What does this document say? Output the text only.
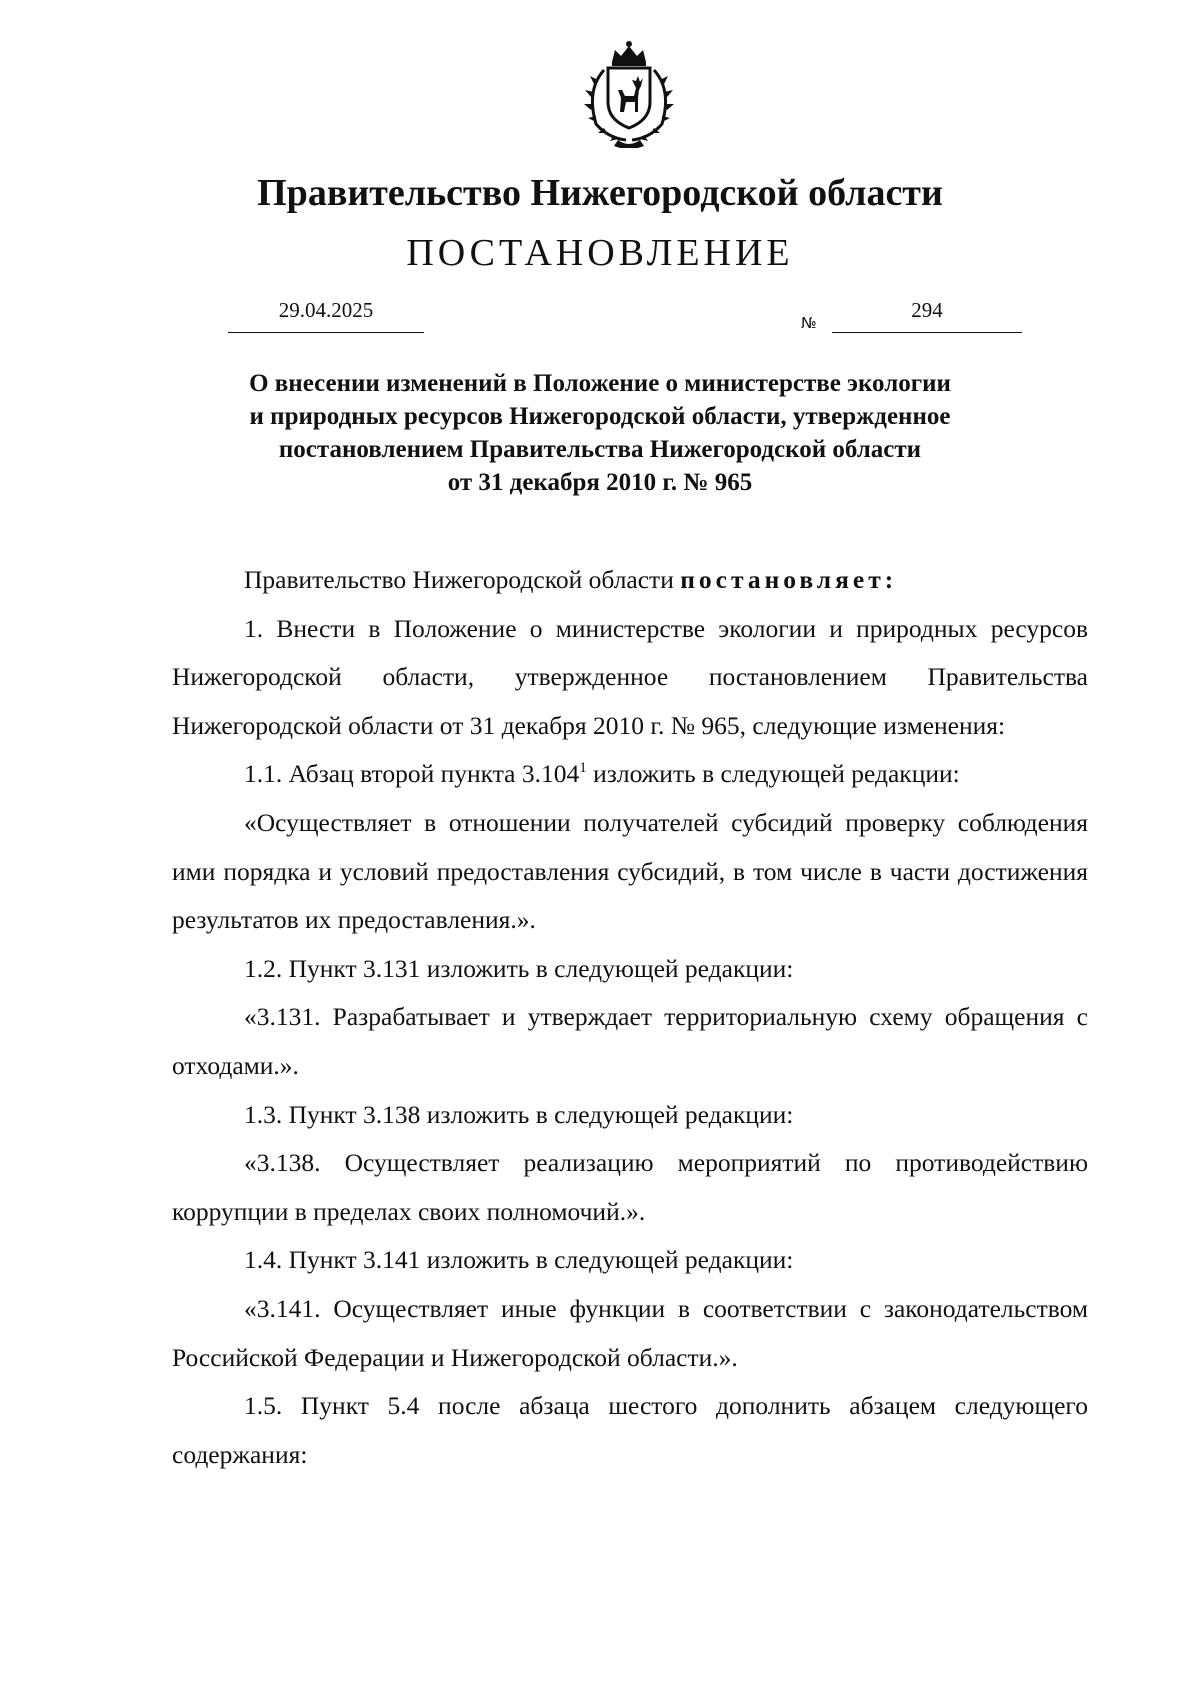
Правительство Нижегородской области
ПОСТАНОВЛЕНИЕ
29.04.2025
№
294
О внесении изменений в Положение о министерстве экологии
и природных ресурсов Нижегородской области, утвержденное
постановлением Правительства Нижегородской области
от 31 декабря 2010 г. № 965

Правительство Нижегородской области постановляет:

1. Внести в Положение о министерстве экологии и природных ресурсов Нижегородской области, утвержденное постановлением Правительства Нижегородской области от 31 декабря 2010 г. № 965, следующие изменения:

1.1. Абзац второй пункта 3.104$^1$ изложить в следующей редакции:

«Осуществляет в отношении получателей субсидий проверку соблюдения ими порядка и условий предоставления субсидий, в том числе в части достижения результатов их предоставления.».

1.2. Пункт 3.131 изложить в следующей редакции:

«3.131. Разрабатывает и утверждает территориальную схему обращения с отходами.».

1.3. Пункт 3.138 изложить в следующей редакции:

«3.138. Осуществляет реализацию мероприятий по противодействию коррупции в пределах своих полномочий.».

1.4. Пункт 3.141 изложить в следующей редакции:

«3.141. Осуществляет иные функции в соответствии с законодательством Российской Федерации и Нижегородской области.».

1.5. Пункт 5.4 после абзаца шестого дополнить абзацем следующего содержания:
